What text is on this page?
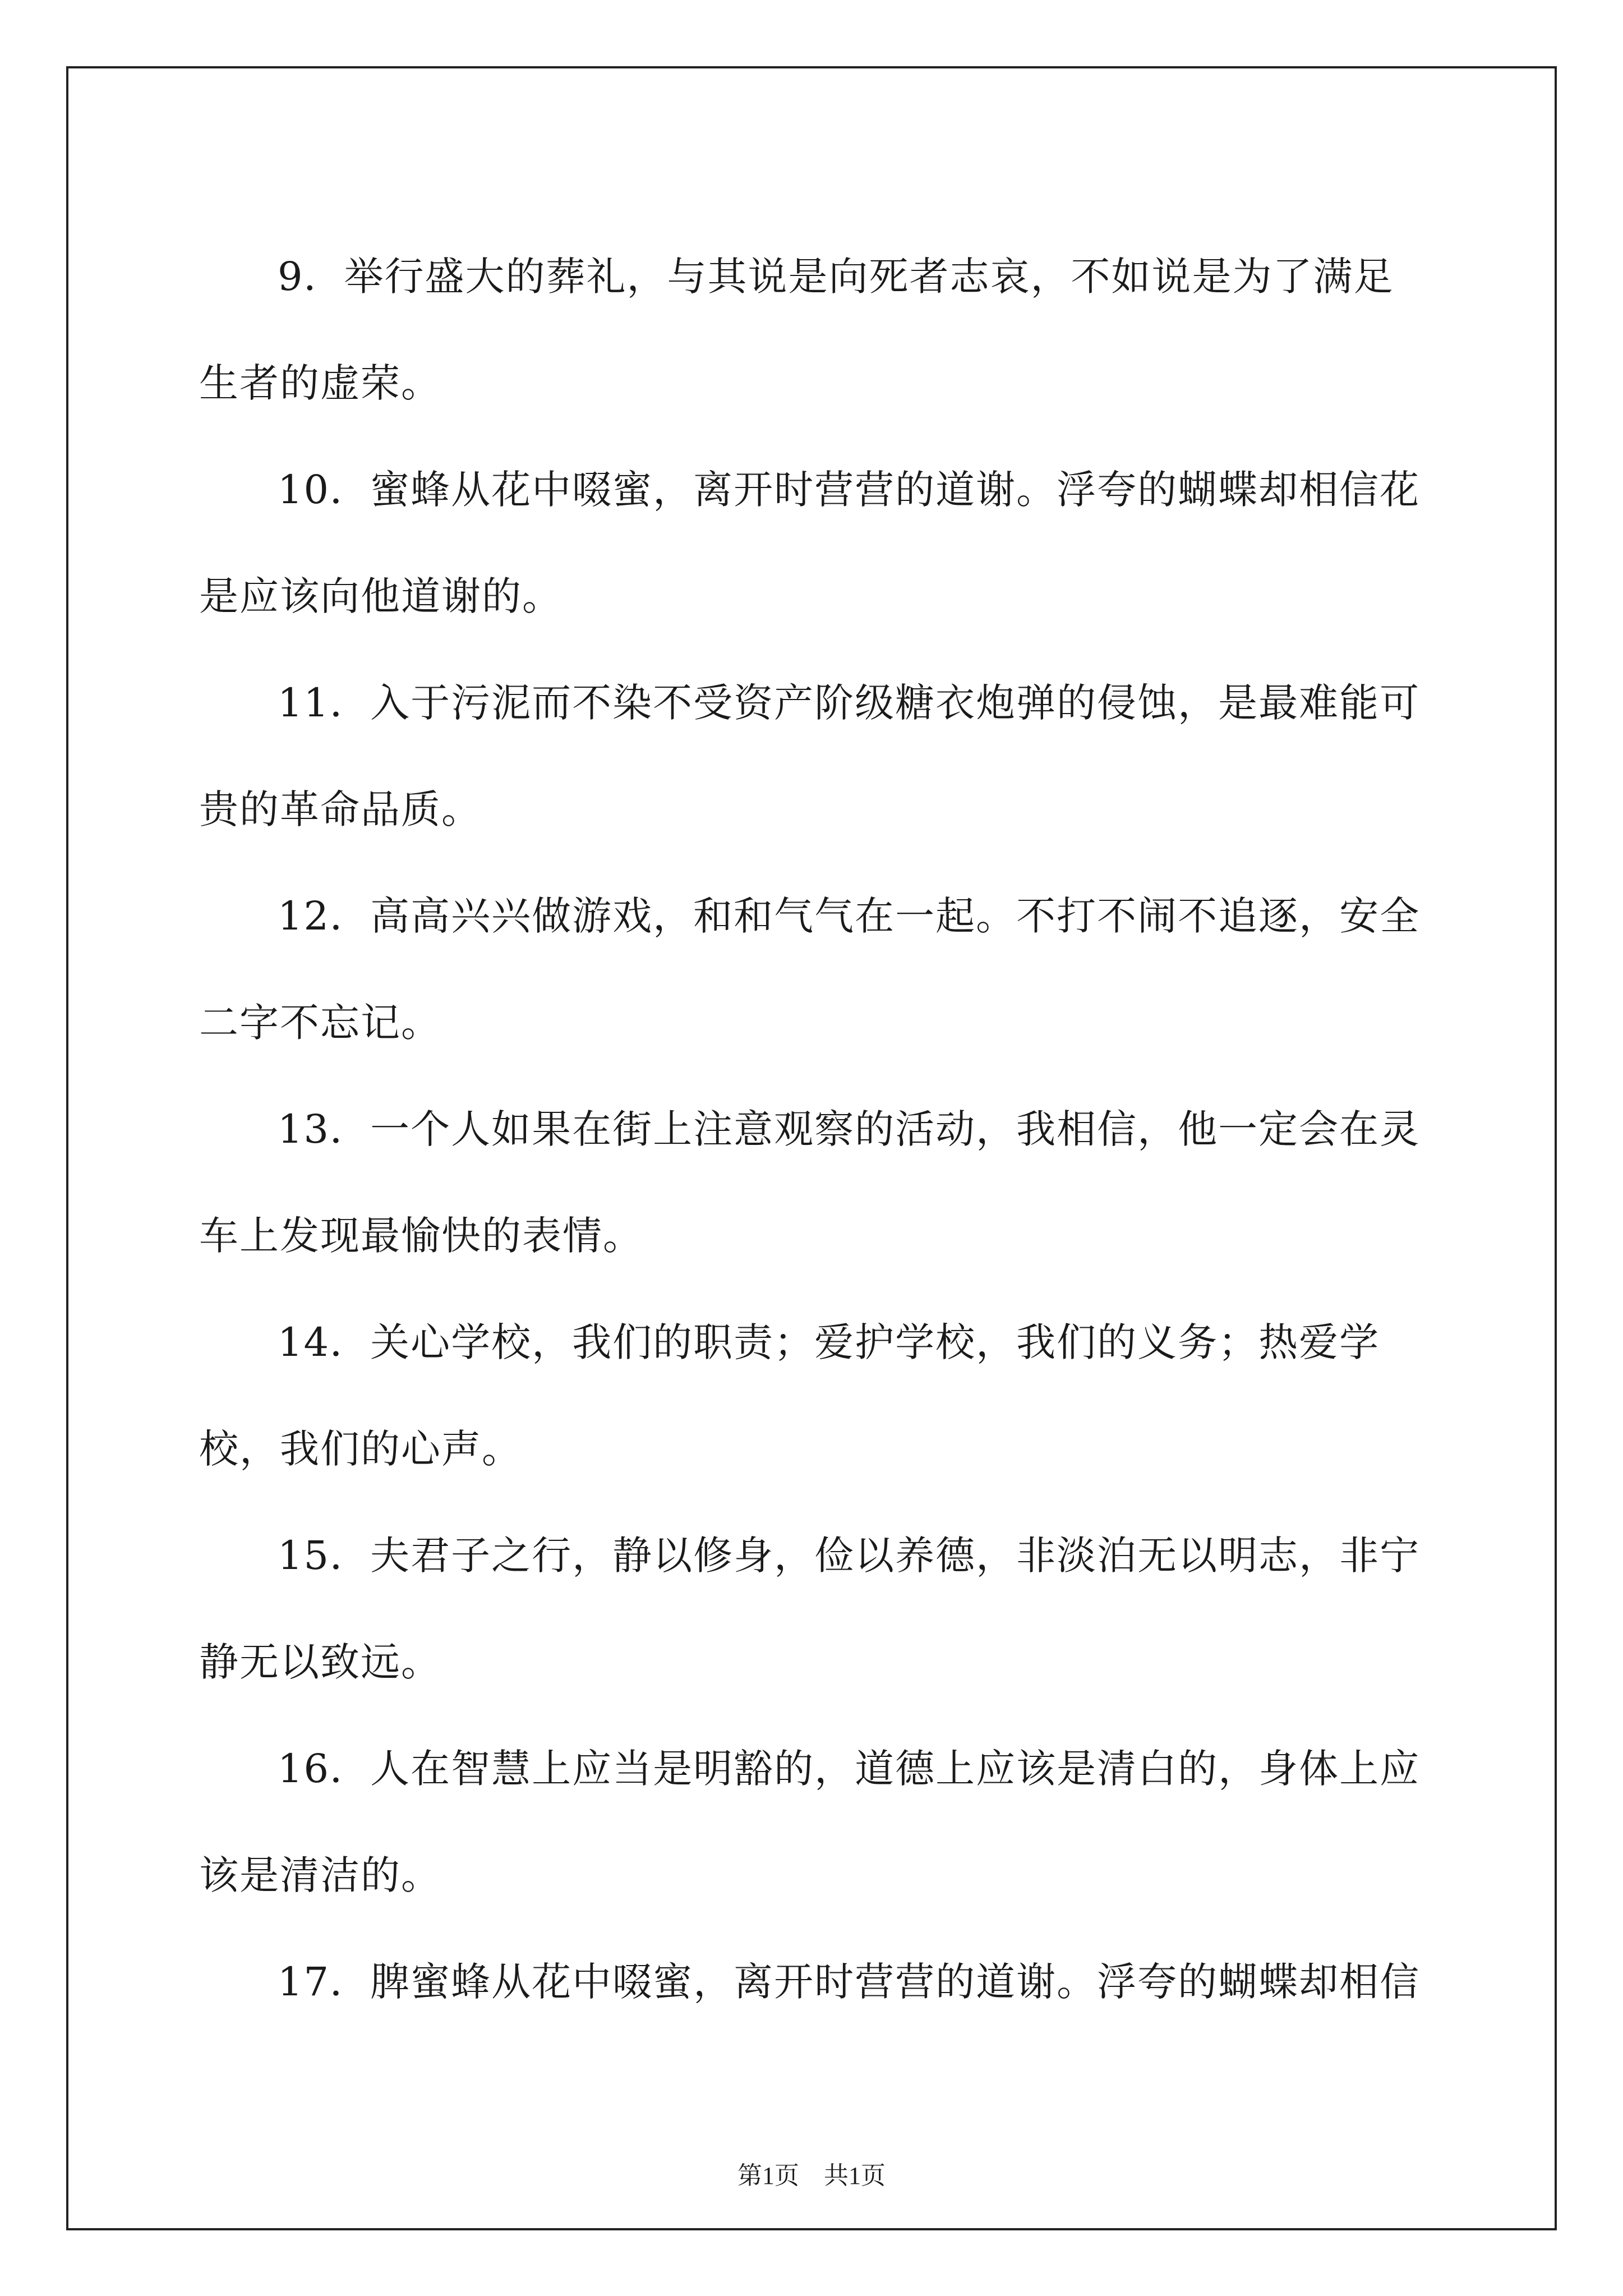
9．举行盛大的葬礼，与其说是向死者志哀，不如说是为了满足生者的虚荣。

10．蜜蜂从花中啜蜜，离开时营营的道谢。浮夸的蝴蝶却相信花是应该向他道谢的。

11．入于污泥而不染不受资产阶级糖衣炮弹的侵蚀，是最难能可贵的革命品质。

12．高高兴兴做游戏，和和气气在一起。不打不闹不追逐，安全二字不忘记。

13．一个人如果在街上注意观察的活动，我相信，他一定会在灵车上发现最愉快的表情。

14．关心学校，我们的职责；爱护学校，我们的义务；热爱学校，我们的心声。

15．夫君子之行，静以修身，俭以养德，非淡泊无以明志，非宁静无以致远。

16．人在智慧上应当是明豁的，道德上应该是清白的，身体上应该是清洁的。

17．脾蜜蜂从花中啜蜜，离开时营营的道谢。浮夸的蝴蝶却相信

第1页　共1页
